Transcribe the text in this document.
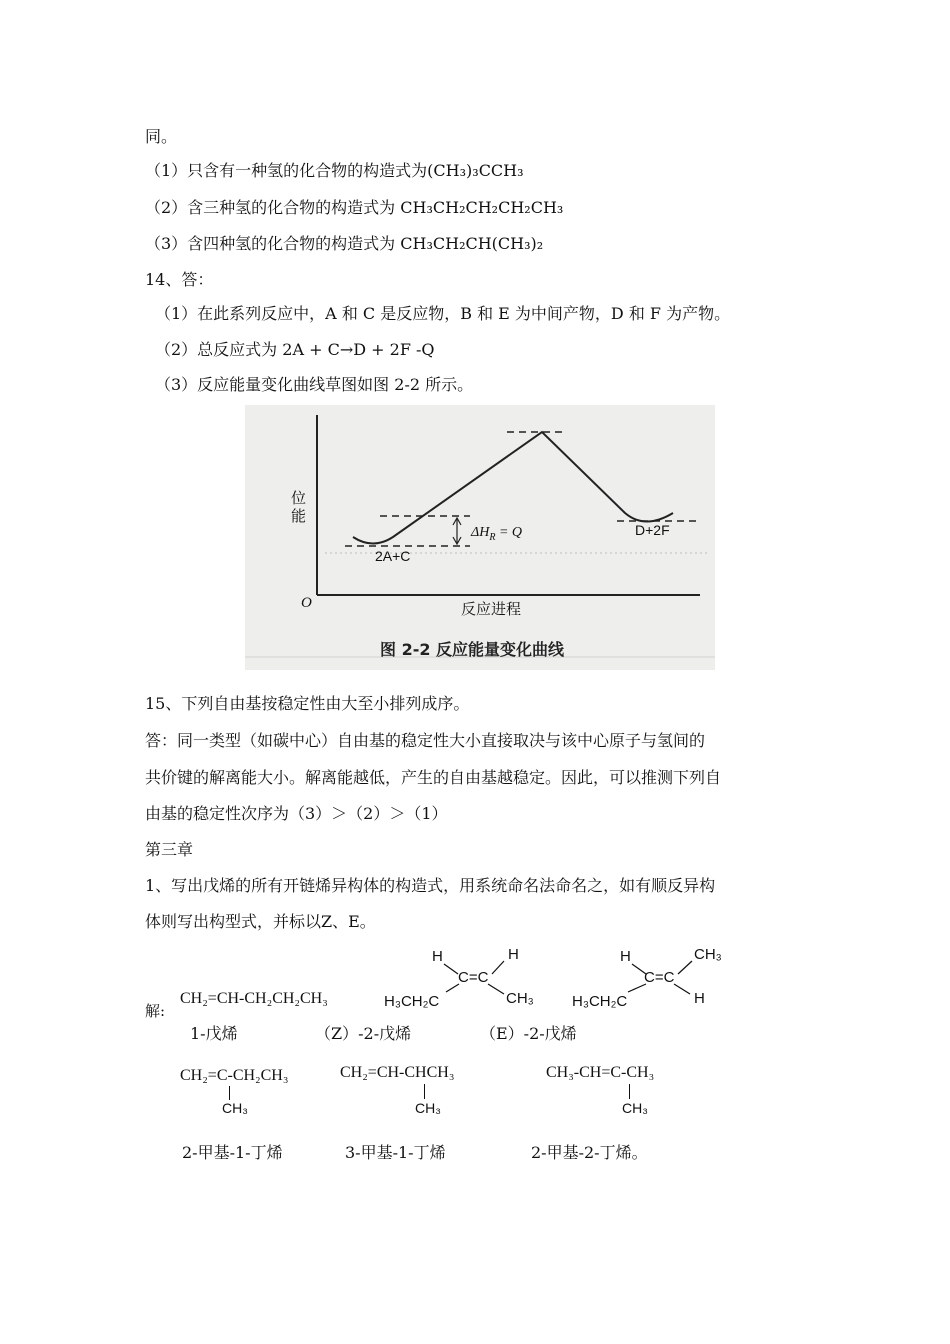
同。
（1）只含有一种氢的化合物的构造式为(CH₃)₃CCH₃
（2）含三种氢的化合物的构造式为 CH₃CH₂CH₂CH₂CH₃
（3）含四种氢的化合物的构造式为 CH₃CH₂CH(CH₃)₂
14、答：
（1）在此系列反应中，A 和 C 是反应物，B 和 E 为中间产物，D 和 F 为产物。
（2）总反应式为 2A + C→D + 2F -Q
（3）反应能量变化曲线草图如图 2-2 所示。
位
能
O	反应进程
2A+C
D+2F
$\Delta H_R = Q$
图 2-2 反应能量变化曲线
15、下列自由基按稳定性由大至小排列成序。
答：同一类型（如碳中心）自由基的稳定性大小直接取决与该中心原子与氢间的
共价键的解离能大小。解离能越低，产生的自由基越稳定。因此，可以推测下列自
由基的稳定性次序为（3）＞（2）＞（1）
第三章
1、写出戊烯的所有开链烯异构体的构造式，用系统命名法命名之，如有顺反异构
体则写出构型式，并标以Z、E。
解:
CH₂=CH-CH₂CH₂CH₃
1-戊烯
H	H
C=C
H₃CH₂C	CH₃
（Z）-2-戊烯
H	CH₃
C=C
H₃CH₂C	H
（E）-2-戊烯
CH₂=C-CH₂CH₃
CH₃
2-甲基-1-丁烯
CH₂=CH-CHCH₃
CH₃
3-甲基-1-丁烯
CH₃-CH=C-CH₃
CH₃
2-甲基-2-丁烯。
